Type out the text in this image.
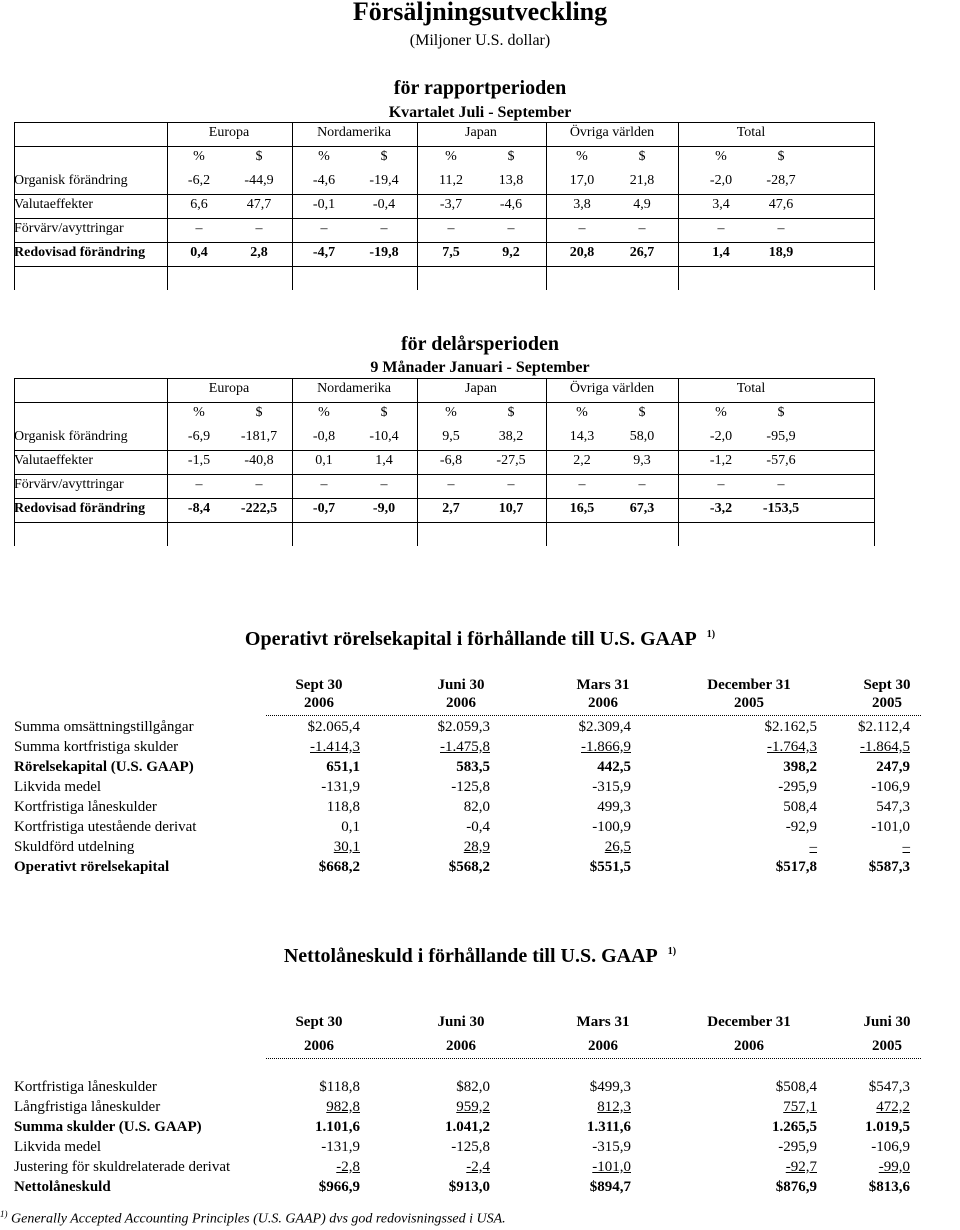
Försäljningsutveckling
(Miljoner U.S. dollar)
för rapportperioden
Kvartalet Juli - September
Europa	Nordamerika	Japan	Övriga världen	Total
%	$	%	$	%	$	%	$	%	$
Organisk förändring	-6,2	-44,9	-4,6	-19,4	11,2	13,8	17,0	21,8	-2,0	-28,7
Valutaeffekter	6,6	47,7	-0,1	-0,4	-3,7	-4,6	3,8	4,9	3,4	47,6
Förvärv/avyttringar	–	–	–	–	–	–	–	–	–	–
Redovisad förändring	0,4	2,8	-4,7	-19,8	7,5	9,2	20,8	26,7	1,4	18,9
för delårsperioden
9 Månader Januari - September
Europa	Nordamerika	Japan	Övriga världen	Total
%	$	%	$	%	$	%	$	%	$
Organisk förändring	-6,9	-181,7	-0,8	-10,4	9,5	38,2	14,3	58,0	-2,0	-95,9
Valutaeffekter	-1,5	-40,8	0,1	1,4	-6,8	-27,5	2,2	9,3	-1,2	-57,6
Förvärv/avyttringar	–	–	–	–	–	–	–	–	–	–
Redovisad förändring	-8,4	-222,5	-0,7	-9,0	2,7	10,7	16,5	67,3	-3,2	-153,5
Operativt rörelsekapital i förhållande till U.S. GAAP $^{1)}$
Sept 30
2006
Juni 30
2006
Mars 31
2006
December 31
2005
Sept 30
2005
Summa omsättningstillgångar	$2.065,4	$2.059,3	$2.309,4	$2.162,5	$2.112,4
Summa kortfristiga skulder	-1.414,3	-1.475,8	-1.866,9	-1.764,3	-1.864,5
Rörelsekapital (U.S. GAAP)	651,1	583,5	442,5	398,2	247,9
Likvida medel	-131,9	-125,8	-315,9	-295,9	-106,9
Kortfristiga låneskulder	118,8	82,0	499,3	508,4	547,3
Kortfristiga utestående derivat	0,1	-0,4	-100,9	-92,9	-101,0
Skuldförd utdelning	30,1	28,9	26,5	–	–
Operativt rörelsekapital	$668,2	$568,2	$551,5	$517,8	$587,3
Nettolåneskuld i förhållande till U.S. GAAP $^{1)}$
Sept 30
2006
Juni 30
2006
Mars 31
2006
December 31
2006
Juni 30
2005
Kortfristiga låneskulder	$118,8	$82,0	$499,3	$508,4	$547,3
Långfristiga låneskulder	982,8	959,2	812,3	757,1	472,2
Summa skulder (U.S. GAAP)	1.101,6	1.041,2	1.311,6	1.265,5	1.019,5
Likvida medel	-131,9	-125,8	-315,9	-295,9	-106,9
Justering för skuldrelaterade derivat	-2,8	-2,4	-101,0	-92,7	-99,0
Nettolåneskuld	$966,9	$913,0	$894,7	$876,9	$813,6
$^{1)}$ Generally Accepted Accounting Principles (U.S. GAAP) dvs god redovisningssed i USA.
